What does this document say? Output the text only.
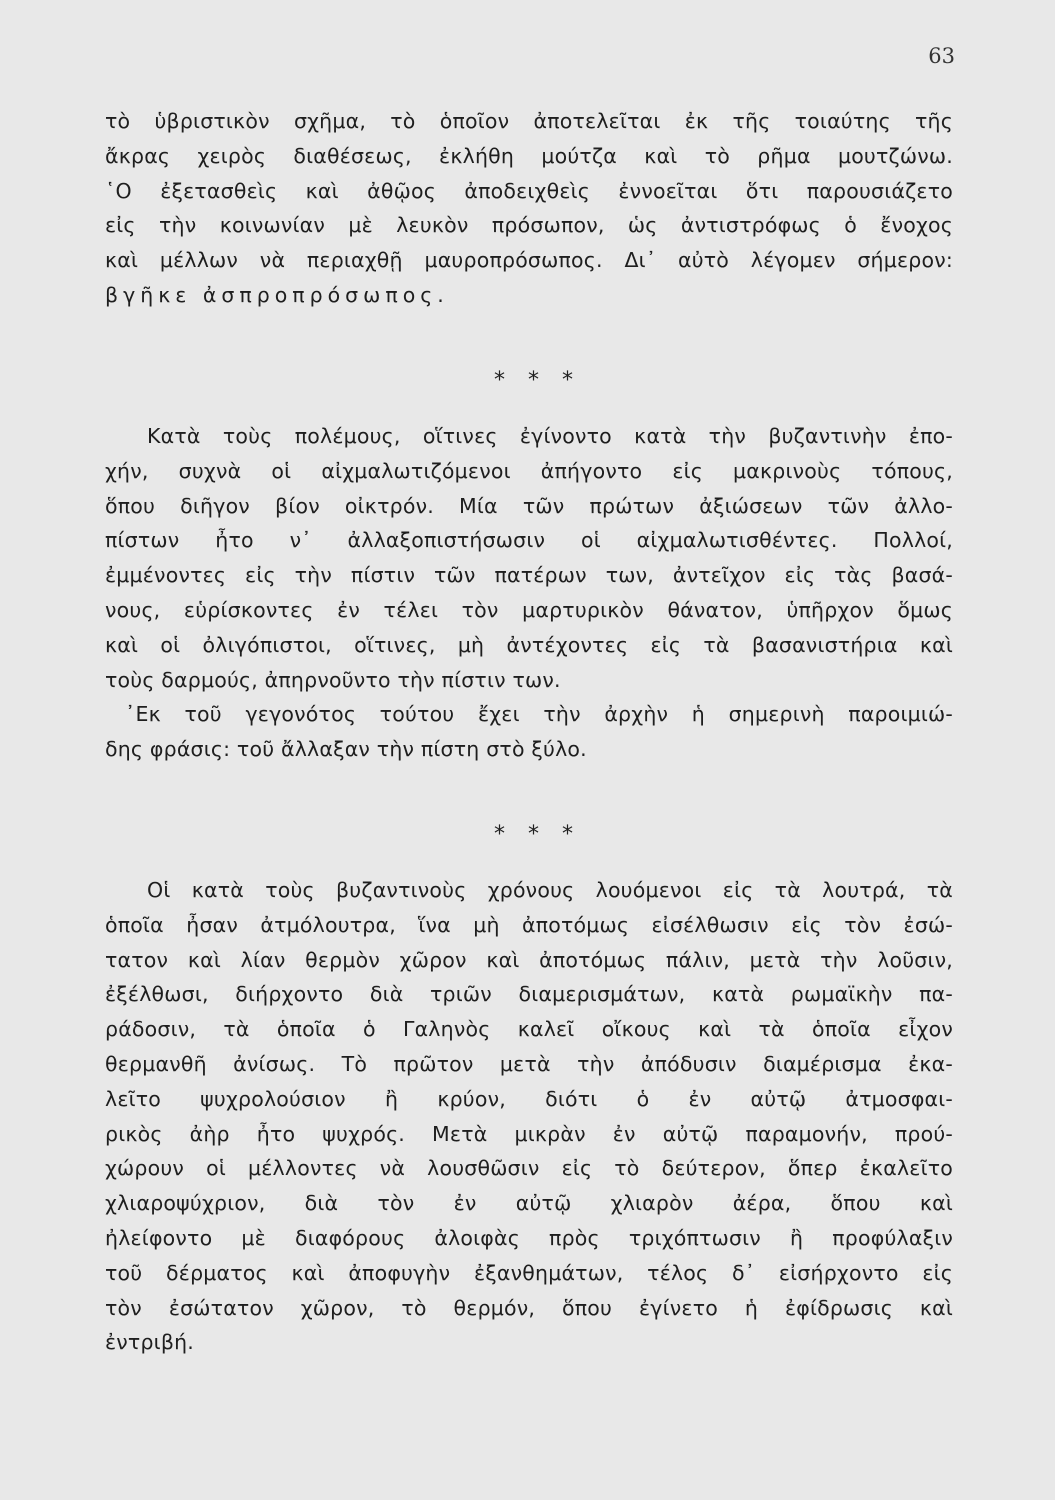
63
τὸ ὑβριστικὸν σχῆμα, τὸ ὁποῖον ἀποτελεῖται ἐκ τῆς τοιαύτης τῆς
ἄκρας χειρὸς διαθέσεως, ἐκλήθη μούτζα καὶ τὸ ρῆμα μουτζώνω.
῾Ο ἐξετασθεὶς καὶ ἀθῷος ἀποδειχθεὶς ἐννοεῖται ὅτι παρουσιάζετο
εἰς τὴν κοινωνίαν μὲ λευκὸν πρόσωπον, ὡς ἀντιστρόφως ὁ ἔνοχος
καὶ μέλλων νὰ περιαχθῇ μαυροπρόσωπος. Δι᾽ αὐτὸ λέγομεν σήμερον:
βγῆκε ἀσπροπρόσωπος.
* * *
Κατὰ τοὺς πολέμους, οἵτινες ἐγίνοντο κατὰ τὴν βυζαντινὴν ἐπο-
χήν, συχνὰ οἱ αἰχμαλωτιζόμενοι ἀπήγοντο εἰς μακρινοὺς τόπους,
ὅπου διῆγον βίον οἰκτρόν. Μία τῶν πρώτων ἀξιώσεων τῶν ἀλλο-
πίστων ἦτο ν᾽ ἀλλαξοπιστήσωσιν οἱ αἰχμαλωτισθέντες. Πολλοί,
ἐμμένοντες εἰς τὴν πίστιν τῶν πατέρων των, ἀντεῖχον εἰς τὰς βασά-
νους, εὑρίσκοντες ἐν τέλει τὸν μαρτυρικὸν θάνατον, ὑπῆρχον ὅμως
καὶ οἱ ὀλιγόπιστοι, οἵτινες, μὴ ἀντέχοντες εἰς τὰ βασανιστήρια καὶ
τοὺς δαρμούς, ἀπηρνοῦντο τὴν πίστιν των.
᾿Εκ τοῦ γεγονότος τούτου ἔχει τὴν ἀρχὴν ἡ σημερινὴ παροιμιώ-
δης φράσις: τοῦ ἄλλαξαν τὴν πίστη στὸ ξύλο.
* * *
Οἱ κατὰ τοὺς βυζαντινοὺς χρόνους λουόμενοι εἰς τὰ λουτρά, τὰ
ὁποῖα ἦσαν ἀτμόλουτρα, ἵνα μὴ ἀποτόμως εἰσέλθωσιν εἰς τὸν ἐσώ-
τατον καὶ λίαν θερμὸν χῶρον καὶ ἀποτόμως πάλιν, μετὰ τὴν λοῦσιν,
ἐξέλθωσι, διήρχοντο διὰ τριῶν διαμερισμάτων, κατὰ ρωμαϊκὴν πα-
ράδοσιν, τὰ ὁποῖα ὁ Γαληνὸς καλεῖ οἴκους καὶ τὰ ὁποῖα εἶχον
θερμανθῆ ἀνίσως. Τὸ πρῶτον μετὰ τὴν ἀπόδυσιν διαμέρισμα ἐκα-
λεῖτο ψυχρολούσιον ἢ κρύον, διότι ὁ ἐν αὐτῷ ἀτμοσφαι-
ρικὸς ἀὴρ ἦτο ψυχρός. Μετὰ μικρὰν ἐν αὐτῷ παραμονήν, πρού-
χώρουν οἱ μέλλοντες νὰ λουσθῶσιν εἰς τὸ δεύτερον, ὅπερ ἐκαλεῖτο
χλιαροψύχριον, διὰ τὸν ἐν αὐτῷ χλιαρὸν ἀέρα, ὅπου καὶ
ἠλείφοντο μὲ διαφόρους ἀλοιφὰς πρὸς τριχόπτωσιν ἢ προφύλαξιν
τοῦ δέρματος καὶ ἀποφυγὴν ἐξανθημάτων, τέλος δ᾽ εἰσήρχοντο εἰς
τὸν ἐσώτατον χῶρον, τὸ θερμόν, ὅπου ἐγίνετο ἡ ἐφίδρωσις καὶ
ἐντριβή.
